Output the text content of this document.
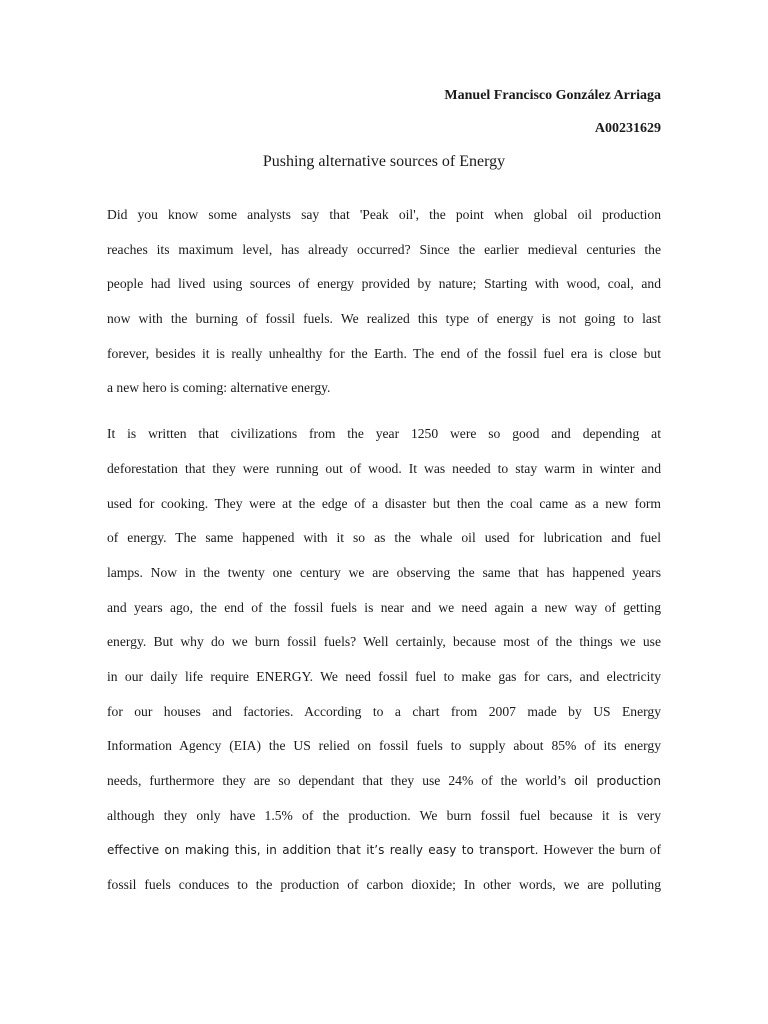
Manuel Francisco González Arriaga
A00231629
Pushing alternative sources of Energy
Did you know some analysts say that 'Peak oil', the point when global oil production
reaches its maximum level, has already occurred? Since the earlier medieval centuries the
people had lived using sources of energy provided by nature; Starting with wood, coal, and
now with the burning of fossil fuels. We realized this type of energy is not going to last
forever, besides it is really unhealthy for the Earth. The end of the fossil fuel era is close but
a new hero is coming: alternative energy.
It is written that civilizations from the year 1250 were so good and depending at
deforestation that they were running out of wood. It was needed to stay warm in winter and
used for cooking. They were at the edge of a disaster but then the coal came as a new form
of energy. The same happened with it so as the whale oil used for lubrication and fuel
lamps. Now in the twenty one century we are observing the same that has happened years
and years ago, the end of the fossil fuels is near and we need again a new way of getting
energy. But why do we burn fossil fuels? Well certainly, because most of the things we use
in our daily life require ENERGY. We need fossil fuel to make gas for cars, and electricity
for our houses and factories. According to a chart from 2007 made by US Energy
Information Agency (EIA) the US relied on fossil fuels to supply about 85% of its energy
needs, furthermore they are so dependant that they use 24% of the world’s oil production
although they only have 1.5% of the production. We burn fossil fuel because it is very
effective on making this, in addition that it’s really easy to transport. However the burn of
fossil fuels conduces to the production of carbon dioxide; In other words, we are polluting
